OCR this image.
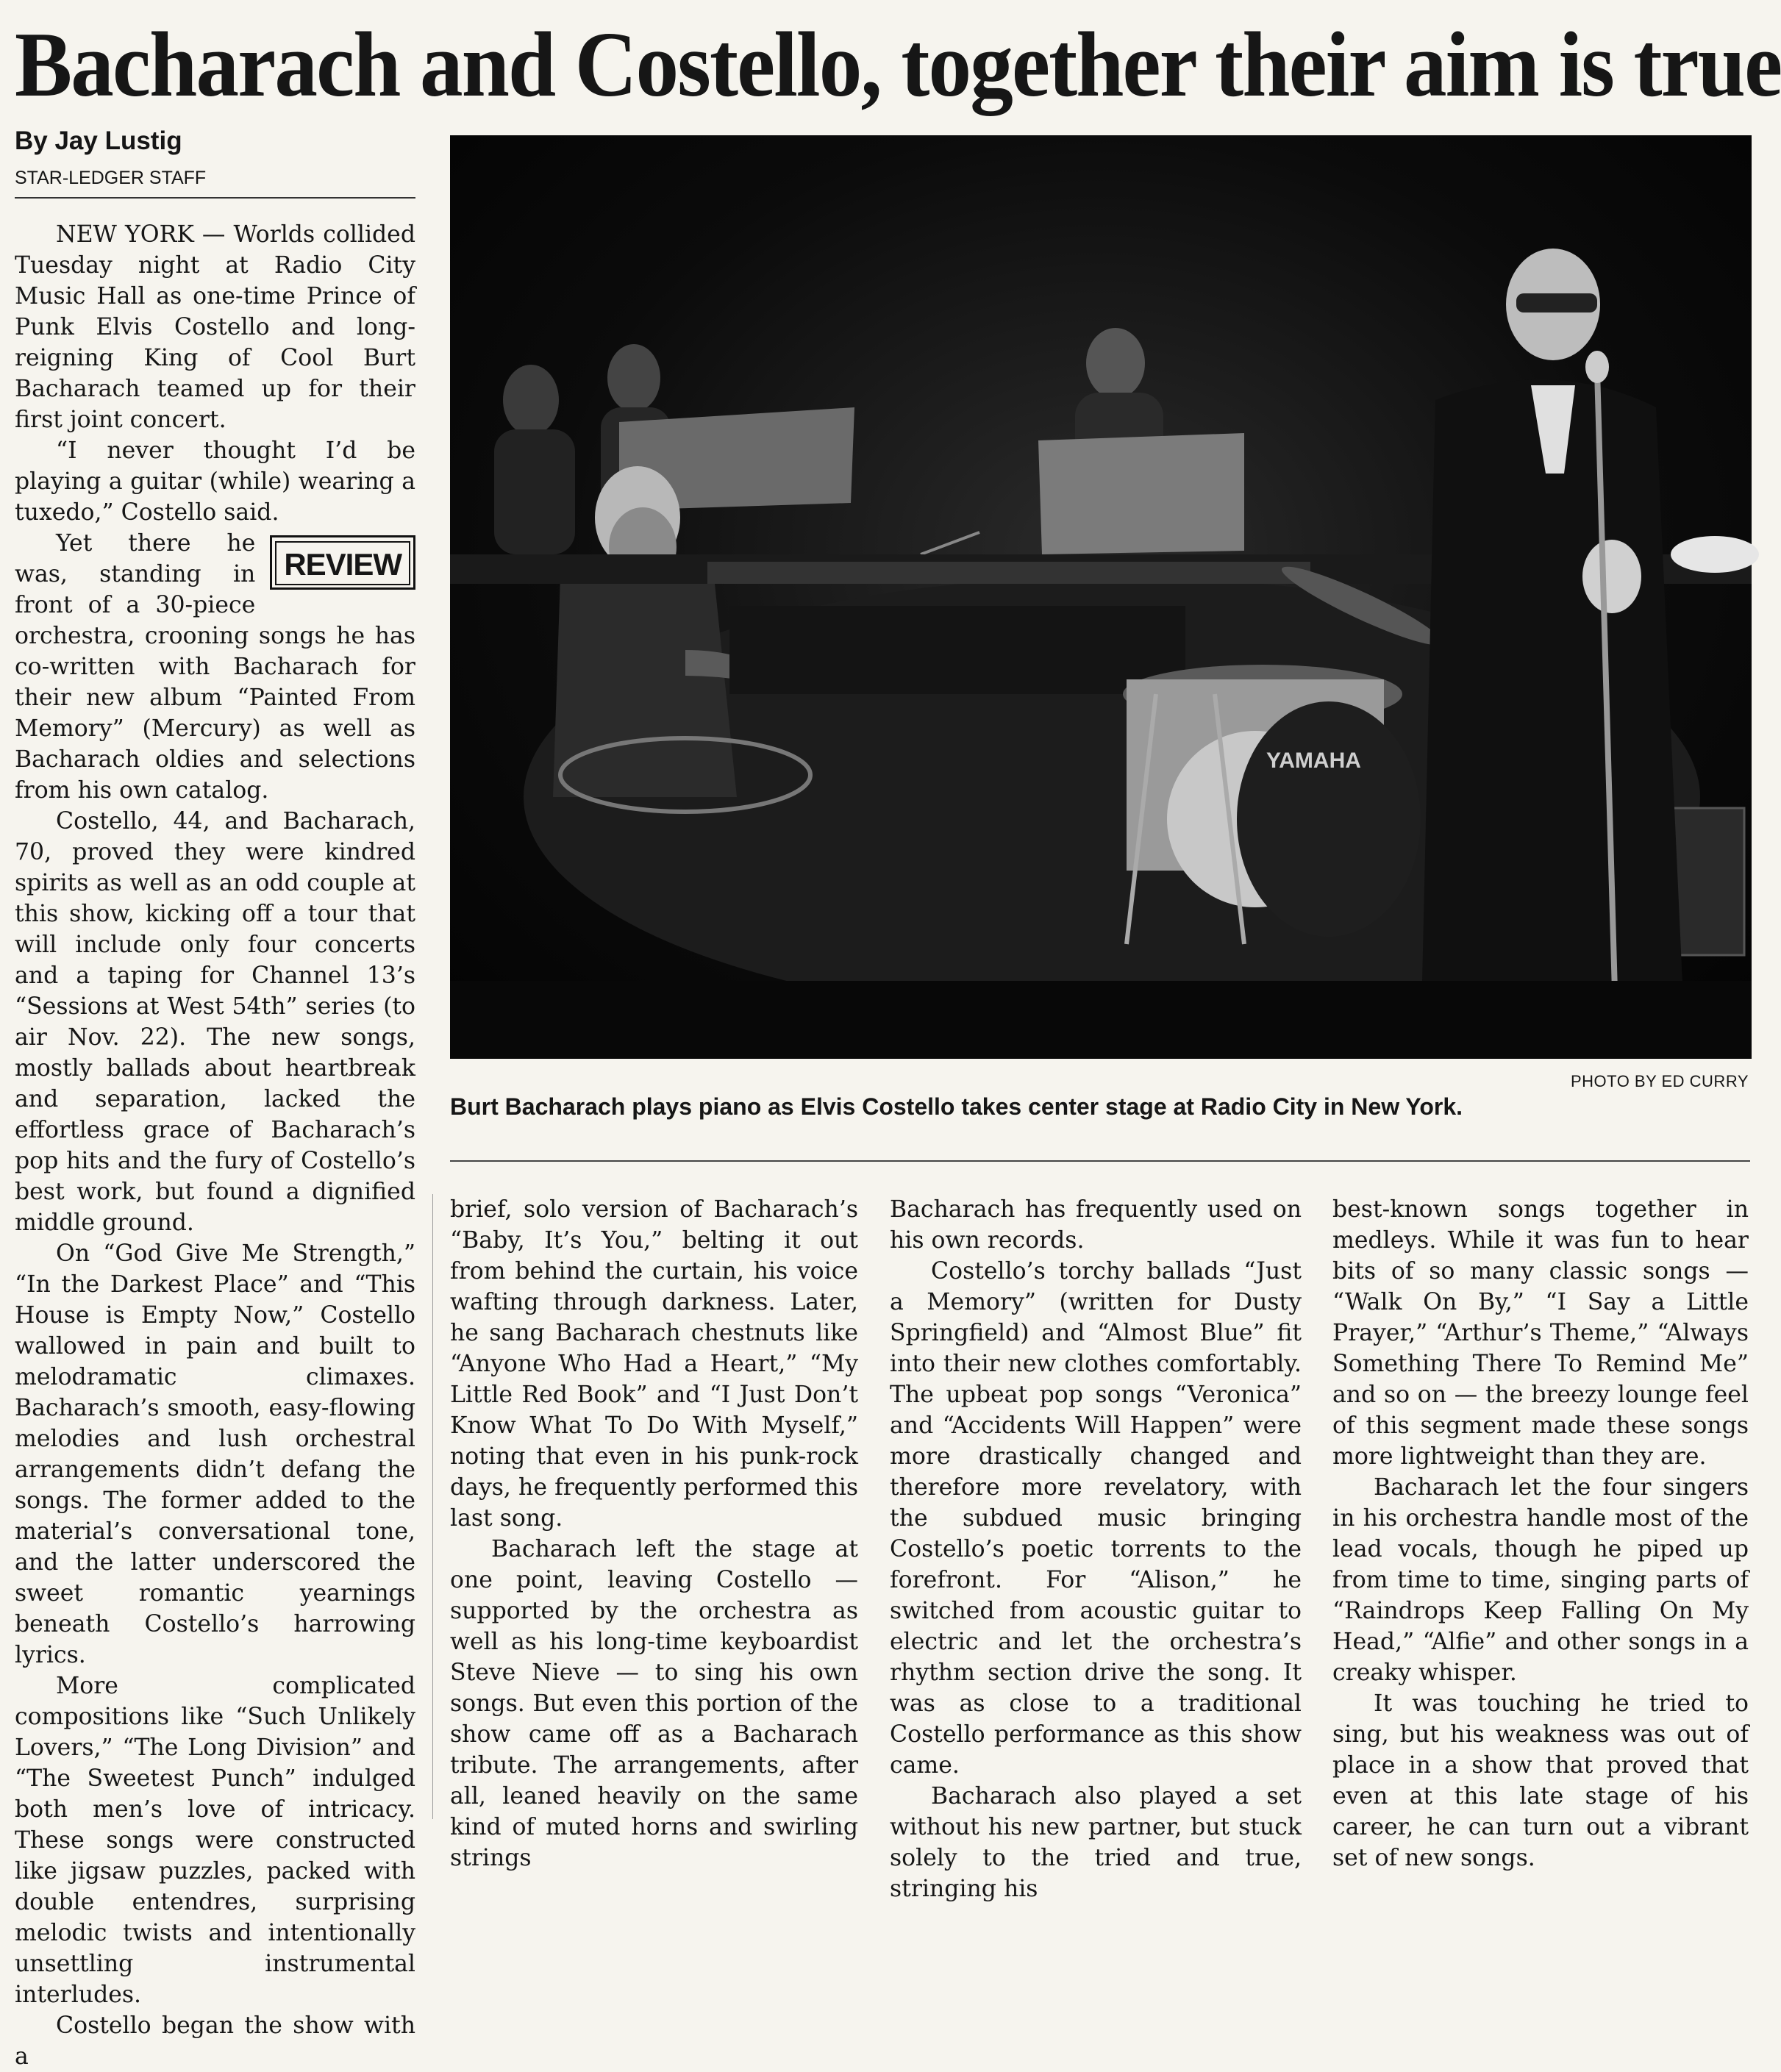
Bacharach and Costello, together their aim is true
By Jay Lustig
STAR-LEDGER STAFF
YAMAHA
PHOTO BY ED CURRY
Burt Bacharach plays piano as Elvis Costello takes center stage at Radio City in New York.

NEW YORK — Worlds collided Tuesday night at Radio City Music Hall as one-time Prince of Punk Elvis Costello and long-reigning King of Cool Burt Bacharach teamed up for their first joint concert.

“I never thought I’d be playing a guitar (while) wearing a tuxedo,” Costello said.

REVIEW
Yet there he was, standing in front of a 30-piece orchestra, crooning songs he has co-written with Bacharach for their new album “Painted From Memory” (Mercury) as well as Bacharach oldies and selections from his own catalog.

Costello, 44, and Bacharach, 70, proved they were kindred spirits as well as an odd couple at this show, kicking off a tour that will include only four concerts and a taping for Channel 13’s “Sessions at West 54th” series (to air Nov. 22). The new songs, mostly ballads about heartbreak and separation, lacked the effortless grace of Bacharach’s pop hits and the fury of Costello’s best work, but found a dignified middle ground.

On “God Give Me Strength,” “In the Darkest Place” and “This House is Empty Now,” Costello wallowed in pain and built to melodramatic climaxes. Bacharach’s smooth, easy-flowing melodies and lush orchestral arrangements didn’t defang the songs. The former added to the material’s conversational tone, and the latter underscored the sweet romantic yearnings beneath Costello’s harrowing lyrics.

More complicated compositions like “Such Unlikely Lovers,” “The Long Division” and “The Sweetest Punch” indulged both men’s love of intricacy. These songs were constructed like jigsaw puzzles, packed with double entendres, surprising melodic twists and intentionally unsettling instrumental interludes.

Costello began the show with a

brief, solo version of Bacharach’s “Baby, It’s You,” belting it out from behind the curtain, his voice wafting through darkness. Later, he sang Bacharach chestnuts like “Anyone Who Had a Heart,” “My Little Red Book” and “I Just Don’t Know What To Do With Myself,” noting that even in his punk-rock days, he frequently performed this last song.

Bacharach left the stage at one point, leaving Costello — supported by the orchestra as well as his long-time keyboardist Steve Nieve — to sing his own songs. But even this portion of the show came off as a Bacharach tribute. The arrangements, after all, leaned heavily on the same kind of muted horns and swirling strings

Bacharach has frequently used on his own records.

Costello’s torchy ballads “Just a Memory” (written for Dusty Springfield) and “Almost Blue” fit into their new clothes comfortably. The upbeat pop songs “Veronica” and “Accidents Will Happen” were more drastically changed and therefore more revelatory, with the subdued music bringing Costello’s poetic torrents to the forefront. For “Alison,” he switched from acoustic guitar to electric and let the orchestra’s rhythm section drive the song. It was as close to a traditional Costello performance as this show came.

Bacharach also played a set without his new partner, but stuck solely to the tried and true, stringing his

best-known songs together in medleys. While it was fun to hear bits of so many classic songs — “Walk On By,” “I Say a Little Prayer,” “Arthur’s Theme,” “Always Something There To Remind Me” and so on — the breezy lounge feel of this segment made these songs more lightweight than they are.

Bacharach let the four singers in his orchestra handle most of the lead vocals, though he piped up from time to time, singing parts of “Raindrops Keep Falling On My Head,” “Alfie” and other songs in a creaky whisper.

It was touching he tried to sing, but his weakness was out of place in a show that proved that even at this late stage of his career, he can turn out a vibrant set of new songs.
